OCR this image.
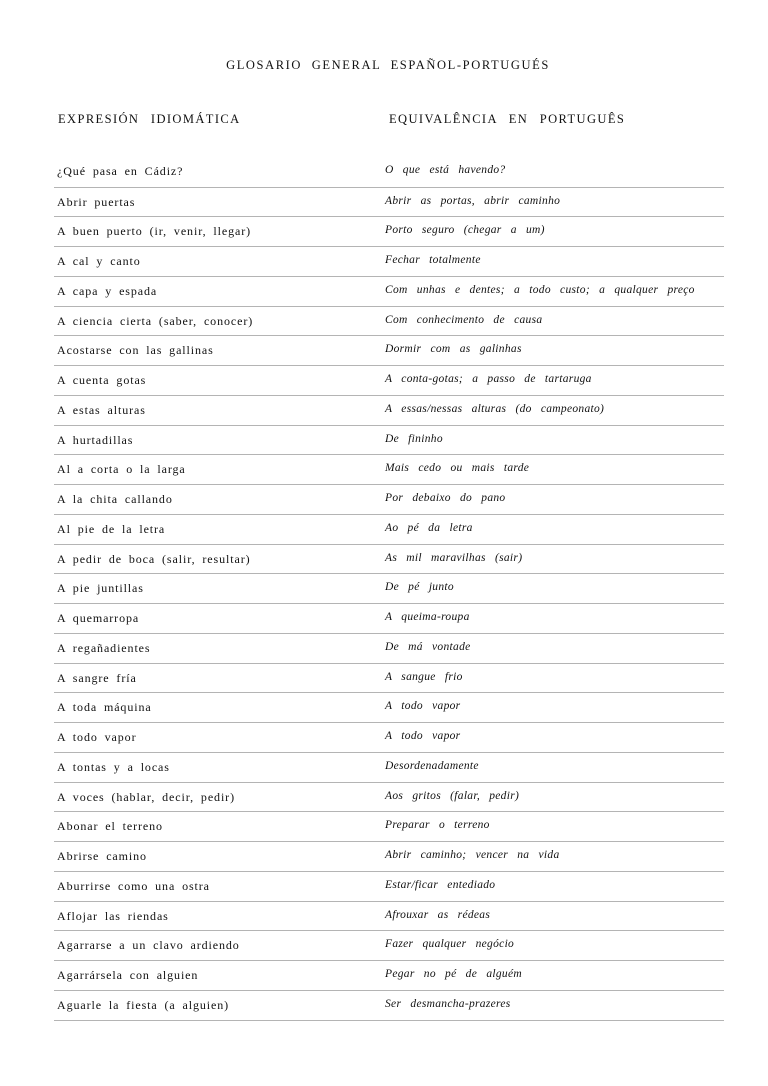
GLOSARIO GENERAL ESPAÑOL-PORTUGUÉS
EXPRESIÓN IDIOMÁTICA	EQUIVALÊNCIA EN PORTUGUÊS
¿Qué pasa en Cádiz?	O que está havendo?
Abrir puertas	Abrir as portas, abrir caminho
A buen puerto (ir, venir, llegar)	Porto seguro (chegar a um)
A cal y canto	Fechar totalmente
A capa y espada	Com unhas e dentes; a todo custo; a qualquer preço
A ciencia cierta (saber, conocer)	Com conhecimento de causa
Acostarse con las gallinas	Dormir com as galinhas
A cuenta gotas	A conta-gotas; a passo de tartaruga
A estas alturas	A essas/nessas alturas (do campeonato)
A hurtadillas	De fininho
Al a corta o la larga	Mais cedo ou mais tarde
A la chita callando	Por debaixo do pano
Al pie de la letra	Ao pé da letra
A pedir de boca (salir, resultar)	As mil maravilhas (sair)
A pie juntillas	De pé junto
A quemarropa	A queima-roupa
A regañadientes	De má vontade
A sangre fría	A sangue frio
A toda máquina	A todo vapor
A todo vapor	A todo vapor
A tontas y a locas	Desordenadamente
A voces (hablar, decir, pedir)	Aos gritos (falar, pedir)
Abonar el terreno	Preparar o terreno
Abrirse camino	Abrir caminho; vencer na vida
Aburrirse como una ostra	Estar/ficar entediado
Aflojar las riendas	Afrouxar as rédeas
Agarrarse a un clavo ardiendo	Fazer qualquer negócio
Agarrársela con alguien	Pegar no pé de alguém
Aguarle la fiesta (a alguien)	Ser desmancha-prazeres
